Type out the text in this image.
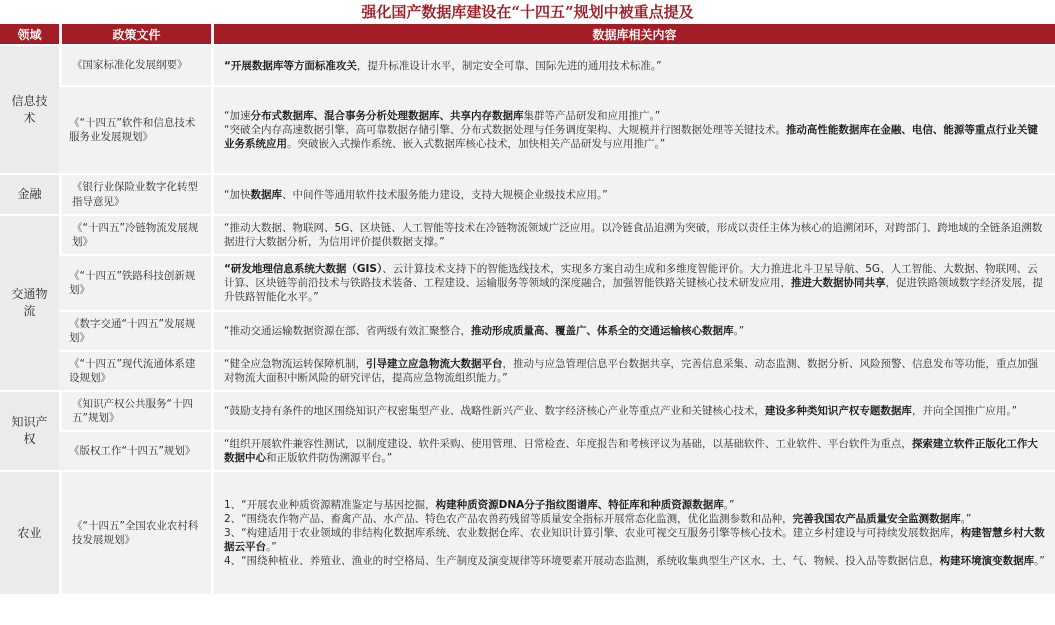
强化国产数据库建设在“十四五”规划中被重点提及
领域	政策文件	数据库相关内容
信息技术	《国家标准化发展纲要》	“开展数据库等方面标准攻关，提升标准设计水平，制定安全可靠、国际先进的通用技术标准。”

	《“十四五”软件和信息技术服务业发展规划》	“加速分布式数据库、混合事务分析处理数据库、共享内存数据库集群等产品研发和应用推广。”
“突破全内存高速数据引擎、高可靠数据存储引擎、分布式数据处理与任务调度架构、大规模并行图数据处理等关键技术。推动高性能数据库在金融、电信、能源等重点行业关键业务系统应用。突破嵌入式操作系统、嵌入式数据库核心技术，加快相关产品研发与应用推广。”

金融	《银行业保险业数字化转型指导意见》	“加快数据库、中间件等通用软件技术服务能力建设，支持大规模企业级技术应用。”

交通物流	《“十四五”冷链物流发展规划》	“推动大数据、物联网、5G、区块链、人工智能等技术在冷链物流领域广泛应用。以冷链食品追溯为突破，形成以责任主体为核心的追溯闭环，对跨部门、跨地域的全链条追溯数据进行大数据分析，为信用评价提供数据支撑。”

	《“十四五”铁路科技创新规划》	“研发地理信息系统大数据（GIS）、云计算技术支持下的智能选线技术，实现多方案自动生成和多维度智能评价。大力推进北斗卫星导航、5G、人工智能、大数据、物联网、云计算、区块链等前沿技术与铁路技术装备、工程建设、运输服务等领域的深度融合，加强智能铁路关键核心技术研发应用，推进大数据协同共享，促进铁路领域数字经济发展，提升铁路智能化水平。”

	《数字交通“十四五”发展规划》	“推动交通运输数据资源在部、省两级有效汇聚整合，推动形成质量高、覆盖广、体系全的交通运输核心数据库。”

	《“十四五”现代流通体系建设规划》	“健全应急物流运转保障机制，引导建立应急物流大数据平台，推动与应急管理信息平台数据共享，完善信息采集、动态监测、数据分析、风险预警、信息发布等功能，重点加强对物流大面积中断风险的研究评估，提高应急物流组织能力。”

知识产权	《知识产权公共服务“十四五”规划》	“鼓励支持有条件的地区围绕知识产权密集型产业、战略性新兴产业、数字经济核心产业等重点产业和关键核心技术，建设多种类知识产权专题数据库，并向全国推广应用。”

	《版权工作“十四五”规划》	“组织开展软件兼容性测试，以制度建设、软件采购、使用管理、日常检查、年度报告和考核评议为基础，以基础软件、工业软件、平台软件为重点，探索建立软件正版化工作大数据中心和正版软件防伪溯源平台。”

农业	《“十四五”全国农业农村科技发展规划》	1、“开展农业种质资源精准鉴定与基因挖掘，构建种质资源DNA分子指纹图谱库、特征库和种质资源数据库。”
2、“围绕农作物产品、畜禽产品、水产品、特色农产品农兽药残留等质量安全指标开展常态化监测，优化监测参数和品种，完善我国农产品质量安全监测数据库。”
3、“构建适用于农业领域的非结构化数据库系统、农业数据仓库、农业知识计算引擎、农业可视交互服务引擎等核心技术。建立乡村建设与可持续发展数据库，构建智慧乡村大数据云平台。”
4、“围绕种植业、养殖业、渔业的时空格局、生产制度及演变规律等环境要素开展动态监测，系统收集典型生产区水、土、气、物候、投入品等数据信息，构建环境演变数据库。”
